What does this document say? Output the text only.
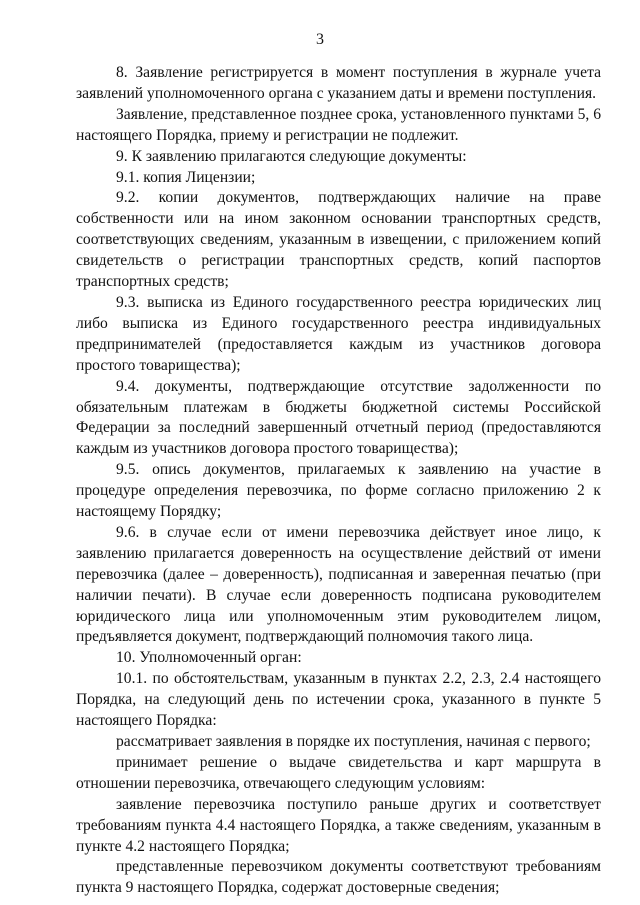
3

8. Заявление регистрируется в момент поступления в журнале учета заявлений уполномоченного органа с указанием даты и времени поступления.

Заявление, представленное позднее срока, установленного пунктами 5, 6 настоящего Порядка, приему и регистрации не подлежит.

9. К заявлению прилагаются следующие документы:

9.1. копия Лицензии;

9.2. копии документов, подтверждающих наличие на праве собственности или на ином законном основании транспортных средств, соответствующих сведениям, указанным в извещении, с приложением копий свидетельств о регистрации транспортных средств, копий паспортов транспортных средств;

9.3. выписка из Единого государственного реестра юридических лиц либо выписка из Единого государственного реестра индивидуальных предпринимателей (предоставляется каждым из участников договора простого товарищества);

9.4. документы, подтверждающие отсутствие задолженности по обязательным платежам в бюджеты бюджетной системы Российской Федерации за последний завершенный отчетный период (предоставляются каждым из участников договора простого товарищества);

9.5. опись документов, прилагаемых к заявлению на участие в процедуре определения перевозчика, по форме согласно приложению 2 к настоящему Порядку;

9.6. в случае если от имени перевозчика действует иное лицо, к заявлению прилагается доверенность на осуществление действий от имени перевозчика (далее – доверенность), подписанная и заверенная печатью (при наличии печати). В случае если доверенность подписана руководителем юридического лица или уполномоченным этим руководителем лицом, предъявляется документ, подтверждающий полномочия такого лица.

10. Уполномоченный орган:

10.1. по обстоятельствам, указанным в пунктах 2.2, 2.3, 2.4 настоящего Порядка, на следующий день по истечении срока, указанного в пункте 5 настоящего Порядка:

рассматривает заявления в порядке их поступления, начиная с первого;

принимает решение о выдаче свидетельства и карт маршрута в отношении перевозчика, отвечающего следующим условиям:

заявление перевозчика поступило раньше других и соответствует требованиям пункта 4.4 настоящего Порядка, а также сведениям, указанным в пункте 4.2 настоящего Порядка;

представленные перевозчиком документы соответствуют требованиям пункта 9 настоящего Порядка, содержат достоверные сведения;
